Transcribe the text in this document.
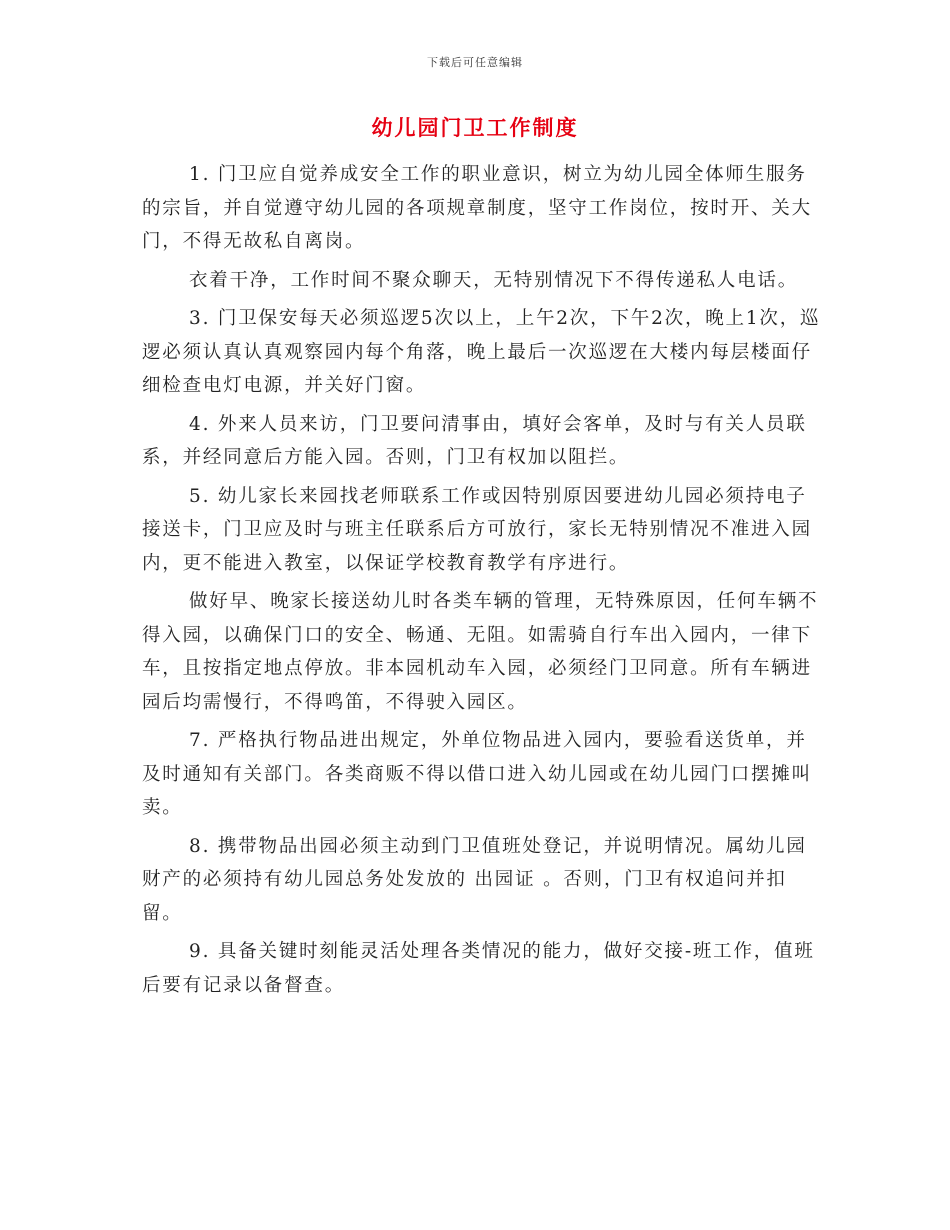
下载后可任意编辑
幼儿园门卫工作制度

1. 门卫应自觉养成安全工作的职业意识，树立为幼儿园全体师生服务的宗旨，并自觉遵守幼儿园的各项规章制度，坚守工作岗位，按时开、关大门，不得无故私自离岗。

衣着干净，工作时间不聚众聊天，无特别情况下不得传递私人电话。

3. 门卫保安每天必须巡逻5次以上，上午2次，下午2次，晚上1次，巡逻必须认真认真观察园内每个角落，晚上最后一次巡逻在大楼内每层楼面仔细检查电灯电源，并关好门窗。

4. 外来人员来访，门卫要问清事由，填好会客单，及时与有关人员联系，并经同意后方能入园。否则，门卫有权加以阻拦。

5. 幼儿家长来园找老师联系工作或因特别原因要进幼儿园必须持电子接送卡，门卫应及时与班主任联系后方可放行，家长无特别情况不准进入园内，更不能进入教室，以保证学校教育教学有序进行。

做好早、晚家长接送幼儿时各类车辆的管理，无特殊原因，任何车辆不得入园，以确保门口的安全、畅通、无阻。如需骑自行车出入园内，一律下车，且按指定地点停放。非本园机动车入园，必须经门卫同意。所有车辆进园后均需慢行，不得鸣笛，不得驶入园区。

7. 严格执行物品进出规定，外单位物品进入园内，要验看送货单，并及时通知有关部门。各类商贩不得以借口进入幼儿园或在幼儿园门口摆摊叫卖。

8. 携带物品出园必须主动到门卫值班处登记，并说明情况。属幼儿园财产的必须持有幼儿园总务处发放的 出园证 。否则，门卫有权追问并扣留。

9. 具备关键时刻能灵活处理各类情况的能力，做好交接-班工作，值班后要有记录以备督查。
